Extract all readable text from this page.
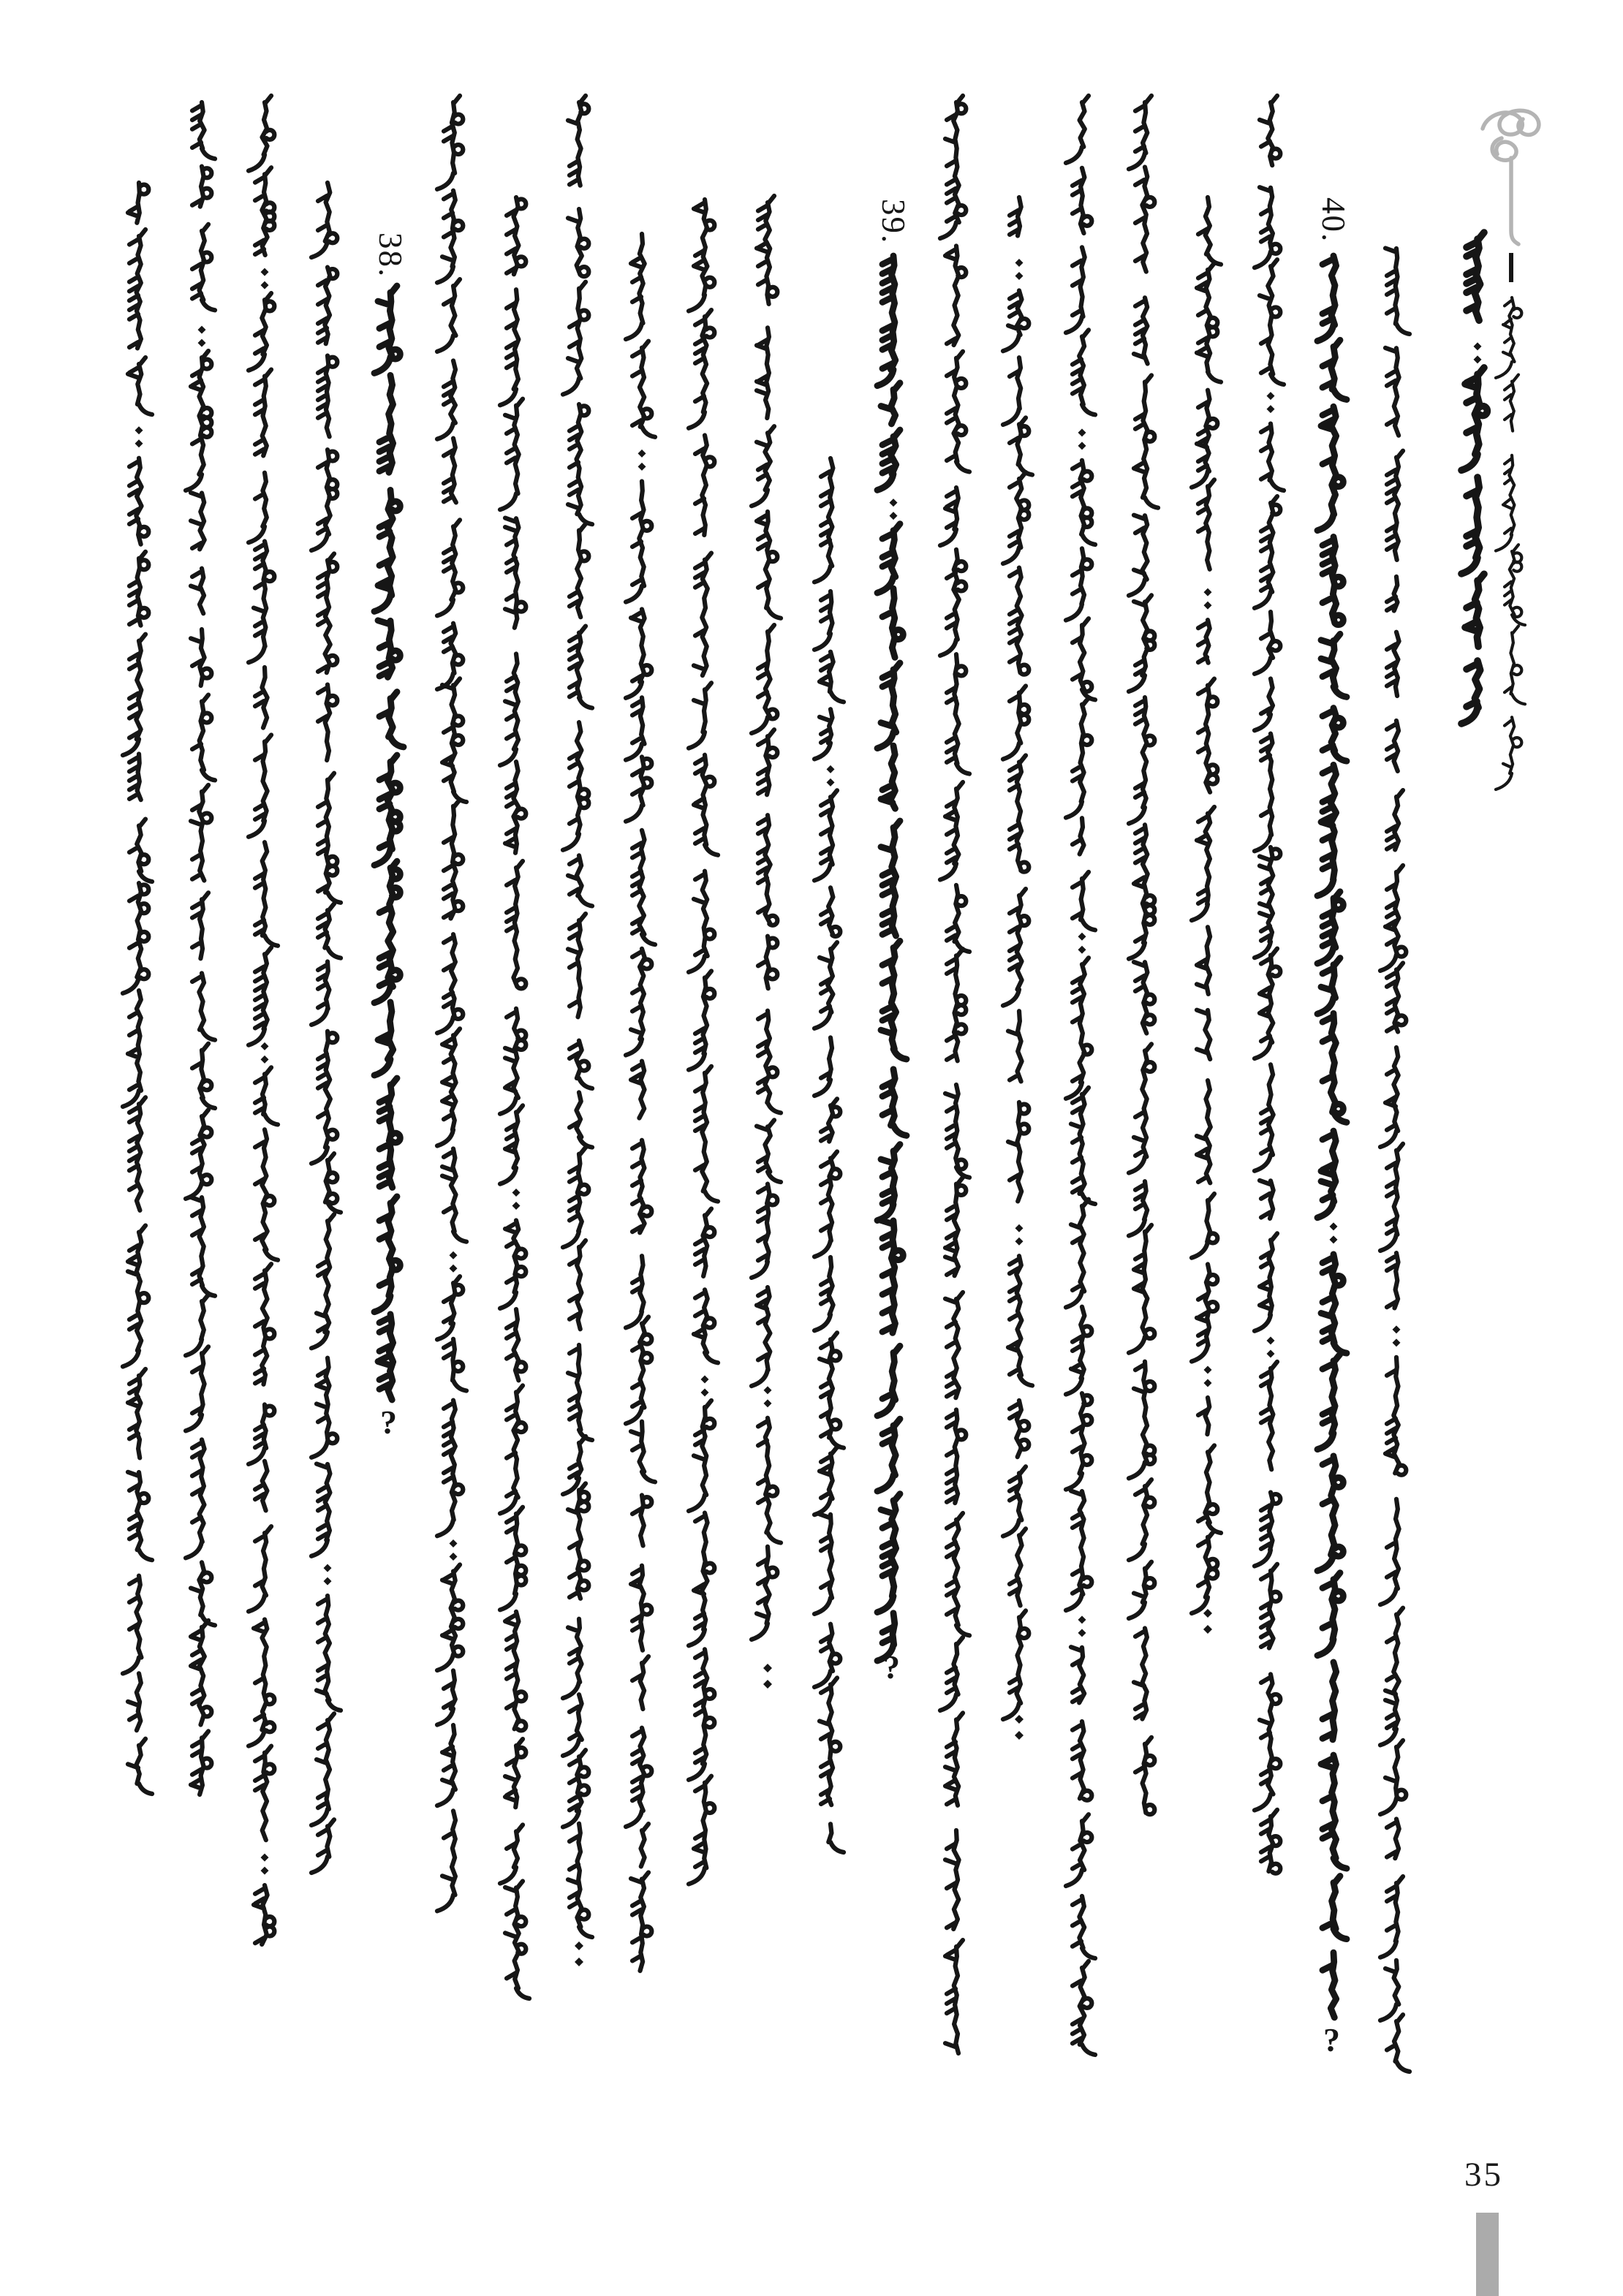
38.
39.	40.
35
?
?
?
